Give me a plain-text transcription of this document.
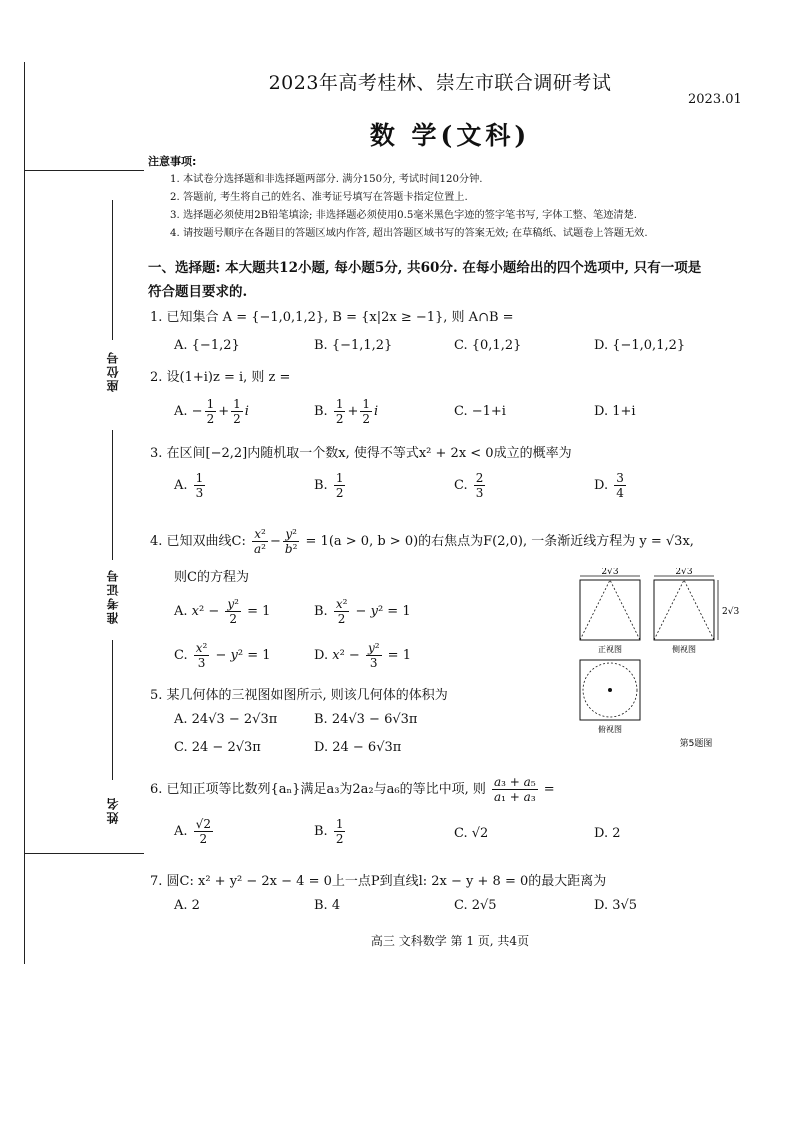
座位号
准考证号
姓名
2023年高考桂林、崇左市联合调研考试
2023.01
数 学(文科)
注意事项:
1. 本试卷分选择题和非选择题两部分. 满分150分, 考试时间120分钟.
2. 答题前, 考生将自己的姓名、准考证号填写在答题卡指定位置上.
3. 选择题必须使用2B铅笔填涂; 非选择题必须使用0.5毫米黑色字迹的签字笔书写, 字体工整、笔迹清楚.
4. 请按题号顺序在各题目的答题区域内作答, 超出答题区域书写的答案无效; 在草稿纸、试题卷上答题无效.
一、选择题: 本大题共12小题, 每小题5分, 共60分. 在每小题给出的四个选项中, 只有一项是
符合题目要求的.
1. 已知集合 A = {−1,0,1,2}, B = {x|2x ≥ −1}, 则 A∩B =
A. {−1,2}	B. {−1,1,2}	C. {0,1,2}	D. {−1,0,1,2}
2. 设(1+i)z = i, 则 z =
A. − $\frac{1}{2} + \frac{1}{2}$ i	B. $\frac{1}{2} + \frac{1}{2}$ i	C. −1+i	D. 1+i
3. 在区间[−2,2]内随机取一个数x, 使得不等式x² + 2x < 0成立的概率为
A. $\frac{1}{3}$	B. $\frac{1}{2}$	C. $\frac{2}{3}$	D. $\frac{3}{4}$
4. 已知双曲线C: $\frac{\text{x²}}{\text{a²}} - \frac{\text{y²}}{\text{b²}} = 1(a > 0$, b > 0)的右焦点为F(2,0), 一条渐近线方程为 y = √3x,
则C的方程为
A. $x^2 - \frac{\text{y²}}{2} = 1$	B. $\frac{\text{x²}}{2} - y^2 = 1$
C. $\frac{\text{x²}}{3} - y^2 = 1$	D. $x^2 - \frac{\text{y²}}{3} = 1$
2√3
正视图
2√3
2√3
侧视图
俯视图
第5题图
5. 某几何体的三视图如图所示, 则该几何体的体积为
A. 24√3 − 2√3π	B. 24√3 − 6√3π
C. 24 − 2√3π	D. 24 − 6√3π
6. 已知正项等比数列{aₙ}满足a₃为2a₂与a₆的等比中项, 则 $\frac{\text{a₃ + a₅}}{\text{a₁ + a₃}}$ =
A. $\frac{√2}{2}$	B. $\frac{1}{2}$	C. √2	D. 2
7. 圆C: x² + y² − 2x − 4 = 0上一点P到直线l: 2x − y + 8 = 0的最大距离为
A. 2	B. 4	C. 2√5	D. 3√5
高三 文科数学 第 1 页, 共4页
